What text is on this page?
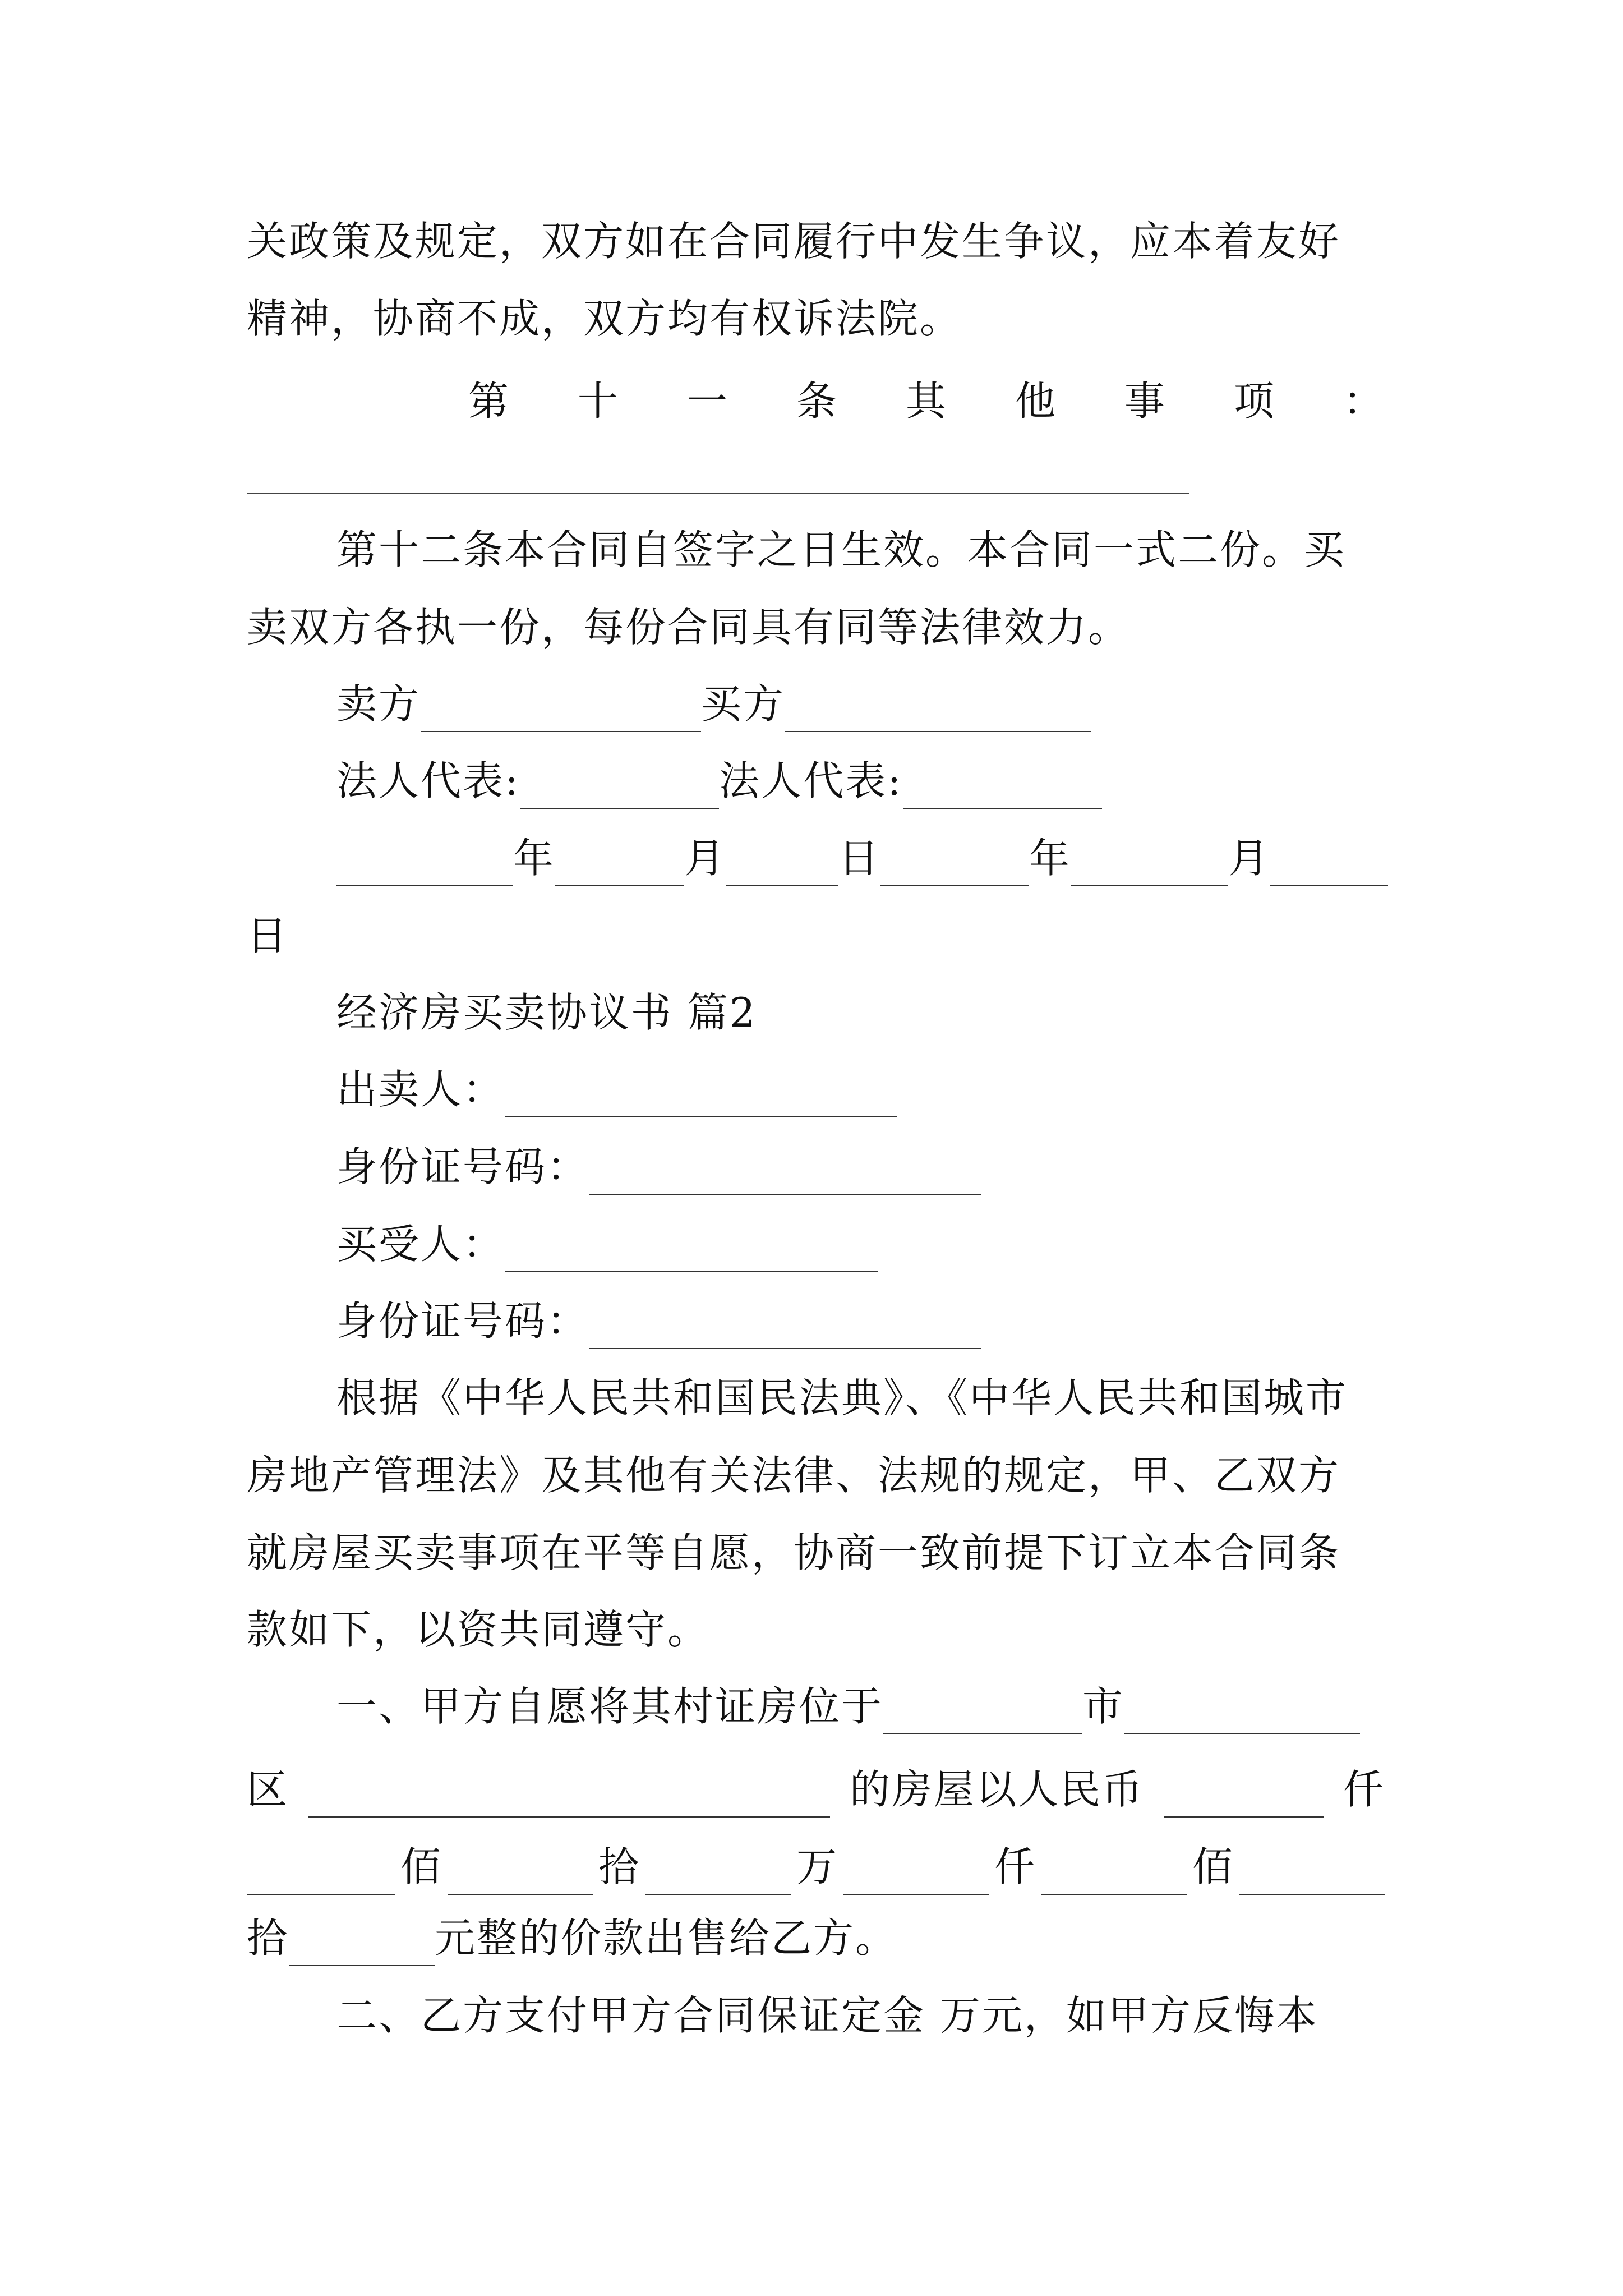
关政策及规定，双方如在合同履行中发生争议，应本着友好
精神，协商不成，双方均有权诉法院。
第 十 一 条 其 他 事 项 ：
第十二条本合同自签字之日生效。本合同一式二份。买
卖双方各执一份，每份合同具有同等法律效力。
卖方	买方
法人代表:	法人代表:
年	月	日	年	月
日
经济房买卖协议书 篇2
出卖人：
身份证号码：
买受人：
身份证号码：
根据《中华人民共和国民法典》、《中华人民共和国城市
房地产管理法》及其他有关法律、法规的规定，甲、乙双方
就房屋买卖事项在平等自愿，协商一致前提下订立本合同条
款如下，以资共同遵守。
一、甲方自愿将其村证房位于	市
区	的房屋以人民币	仟
佰	拾	万	仟	佰
拾	元整的价款出售给乙方。
二、乙方支付甲方合同保证定金 万元，如甲方反悔本
